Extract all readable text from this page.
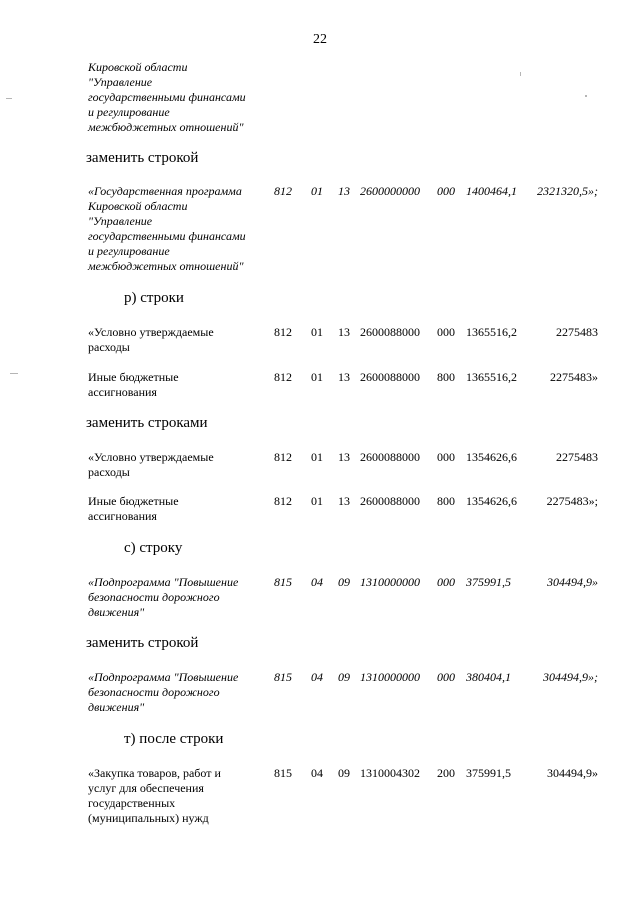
22
Кировской области
"Управление
государственными финансами
и регулирование
межбюджетных отношений"
заменить строкой
«Государственная программа
Кировской области
"Управление
государственными финансами
и регулирование
межбюджетных отношений"
812 01 13 2600000000 000 1400464,1 2321320,5»;
р) строки
«Условно утверждаемые
расходы
812 01 13 2600088000 000 1365516,2	2275483
Иные бюджетные
ассигнования
812 01 13 2600088000 800 1365516,2	2275483»
заменить строками
«Условно утверждаемые
расходы
812 01 13 2600088000 000 1354626,6	2275483
Иные бюджетные
ассигнования
812 01 13 2600088000 800 1354626,6 2275483»;
с) строку
«Подпрограмма "Повышение
безопасности дорожного
движения"
815 04 09 1310000000 000 375991,5	304494,9»
заменить строкой
«Подпрограмма "Повышение
безопасности дорожного
движения"
815 04 09 1310000000 000 380404,1	304494,9»;
т) после строки
«Закупка товаров, работ и
услуг для обеспечения
государственных
(муниципальных) нужд
815 04 09 1310004302 200 375991,5	304494,9»
